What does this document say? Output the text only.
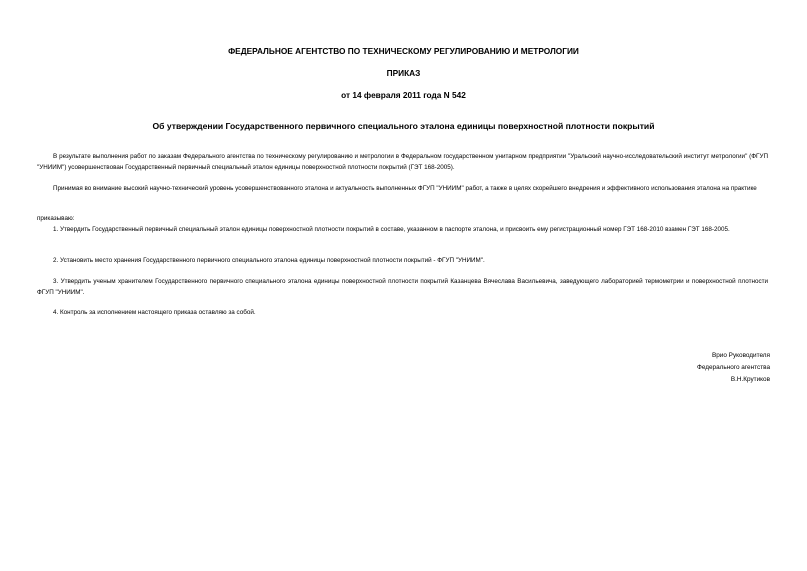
ФЕДЕРАЛЬНОЕ АГЕНТСТВО ПО ТЕХНИЧЕСКОМУ РЕГУЛИРОВАНИЮ И МЕТРОЛОГИИ
ПРИКАЗ
от 14 февраля 2011 года N 542
Об утверждении Государственного первичного специального эталона единицы поверхностной плотности покрытий
В результате выполнения работ по заказам Федерального агентства по техническому регулированию и метрологии в Федеральном государственном унитарном предприятии "Уральский научно-исследовательский институт метрологии" (ФГУП "УНИИМ") усовершенствован Государственный первичный специальный эталон единицы поверхностной плотности покрытий (ГЭТ 168-2005).
Принимая во внимание высокий научно-технический уровень усовершенствованного эталона и актуальность выполненных ФГУП "УНИИМ" работ, а также в целях скорейшего внедрения и эффективного использования эталона на практике
приказываю:
1. Утвердить Государственный первичный специальный эталон единицы поверхностной плотности покрытий в составе, указанном в паспорте эталона, и присвоить ему регистрационный номер ГЭТ 168-2010 взамен ГЭТ 168-2005.
2. Установить место хранения Государственного первичного специального эталона единицы поверхностной плотности покрытий - ФГУП "УНИИМ".
3. Утвердить ученым хранителем Государственного первичного специального эталона единицы поверхностной плотности покрытий Казанцева Вячеслава Васильевича, заведующего лабораторией термометрии и поверхностной плотности ФГУП "УНИИМ".
4. Контроль за исполнением настоящего приказа оставляю за собой.
Врио Руководителя
Федерального агентства
В.Н.Крутиков
